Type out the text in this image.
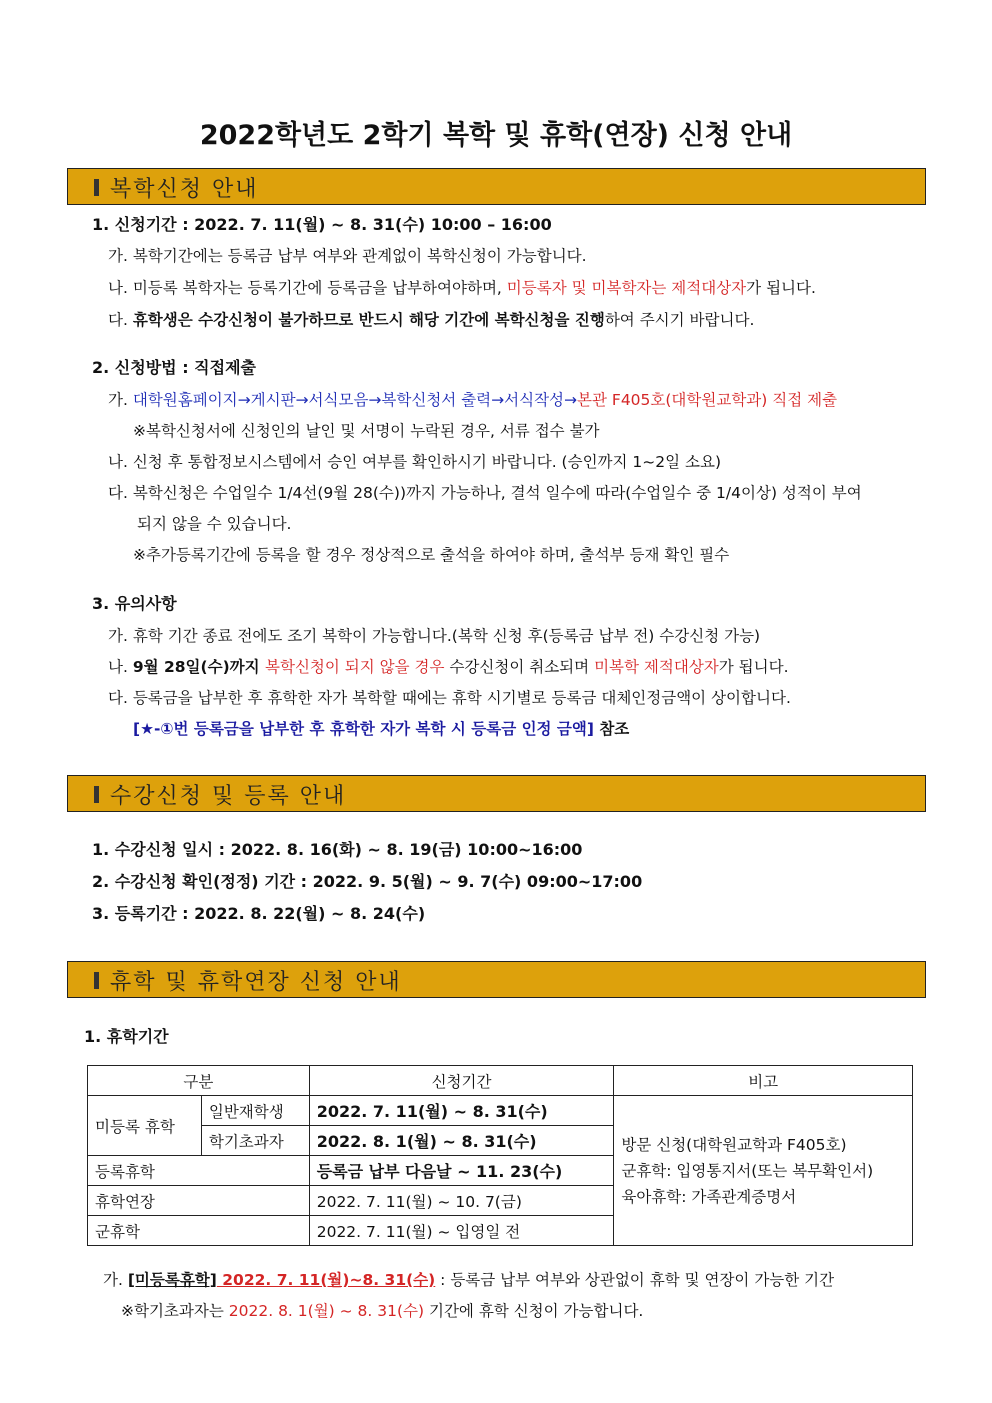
2022학년도 2학기 복학 및 휴학(연장) 신청 안내
복학신청 안내
1. 신청기간 : 2022. 7. 11(월) ~ 8. 31(수) 10:00 – 16:00
가. 복학기간에는 등록금 납부 여부와 관계없이 복학신청이 가능합니다.
나. 미등록 복학자는 등록기간에 등록금을 납부하여야하며, 미등록자 및 미복학자는 제적대상자가 됩니다.
다. 휴학생은 수강신청이 불가하므로 반드시 해당 기간에 복학신청을 진행하여 주시기 바랍니다.
2. 신청방법 : 직접제출
가. 대학원홈페이지→게시판→서식모음→복학신청서 출력→서식작성→본관 F405호(대학원교학과) 직접 제출
※복학신청서에 신청인의 날인 및 서명이 누락된 경우, 서류 접수 불가
나. 신청 후 통합정보시스템에서 승인 여부를 확인하시기 바랍니다. (승인까지 1~2일 소요)
다. 복학신청은 수업일수 1/4선(9월 28(수))까지 가능하나, 결석 일수에 따라(수업일수 중 1/4이상) 성적이 부여
되지 않을 수 있습니다.
※추가등록기간에 등록을 할 경우 정상적으로 출석을 하여야 하며, 출석부 등재 확인 필수
3. 유의사항
가. 휴학 기간 종료 전에도 조기 복학이 가능합니다.(복학 신청 후(등록금 납부 전) 수강신청 가능)
나. 9월 28일(수)까지 복학신청이 되지 않을 경우 수강신청이 취소되며 미복학 제적대상자가 됩니다.
다. 등록금을 납부한 후 휴학한 자가 복학할 때에는 휴학 시기별로 등록금 대체인정금액이 상이합니다.
[★-①번 등록금을 납부한 후 휴학한 자가 복학 시 등록금 인정 금액] 참조
수강신청 및 등록 안내
1. 수강신청 일시 : 2022. 8. 16(화) ~ 8. 19(금) 10:00~16:00
2. 수강신청 확인(정정) 기간 : 2022. 9. 5(월) ~ 9. 7(수) 09:00~17:00
3. 등록기간 : 2022. 8. 22(월) ~ 8. 24(수)
휴학 및 휴학연장 신청 안내
1. 휴학기간
구분		신청기간	비고
미등록 휴학	일반재학생	2022. 7. 11(월) ~ 8. 31(수)	방문 신청(대학원교학과 F405호)
군휴학: 입영통지서(또는 복무확인서)
육아휴학: 가족관계증명서

	학기초과자	2022. 8. 1(월) ~ 8. 31(수)	
등록휴학		등록금 납부 다음날 ~ 11. 23(수)	
휴학연장		2022. 7. 11(월) ~ 10. 7(금)	
군휴학		2022. 7. 11(월) ~ 입영일 전	
가. [미등록휴학] 2022. 7. 11(월)~8. 31(수) : 등록금 납부 여부와 상관없이 휴학 및 연장이 가능한 기간
※학기초과자는 2022. 8. 1(월) ~ 8. 31(수) 기간에 휴학 신청이 가능합니다.
